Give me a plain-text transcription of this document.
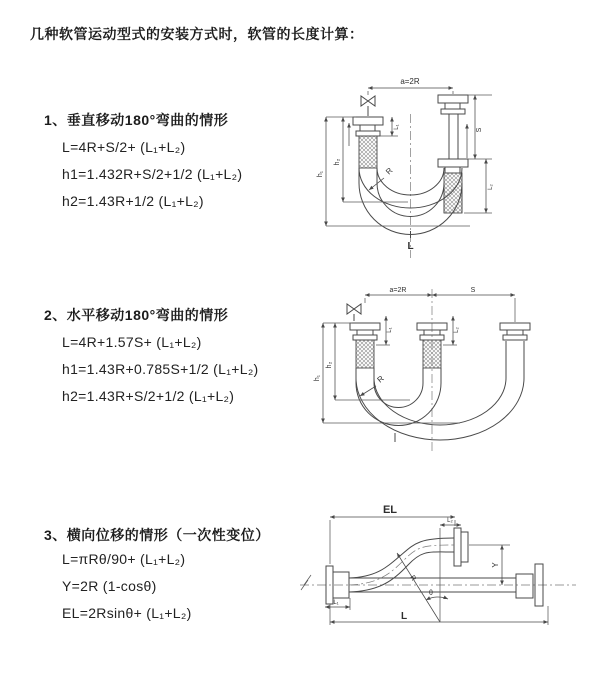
几种软管运动型式的安装方式时，软管的长度计算：
1、垂直移动180°弯曲的情形
L=4R+S/2+ (L₁+L₂)
h1=1.432R+S/2+1/2 (L₁+L₂)
h2=1.43R+1/2 (L₁+L₂)
2、水平移动180°弯曲的情形
L=4R+1.57S+ (L₁+L₂)
h1=1.43R+0.785S+1/2 (L₁+L₂)
h2=1.43R+S/2+1/2 (L₁+L₂)
3、横向位移的情形（一次性变位）
L=πRθ/90+ (L₁+L₂)
Y=2R (1-cosθ)
EL=2Rsinθ+ (L₁+L₂)
a=2R
S
L₂
L₁
h₂
h₁	R
L
a=2R	S
L₁	L₂
h₂
h₁	R
θ
R
EL
L₂
Y
L
L₁
